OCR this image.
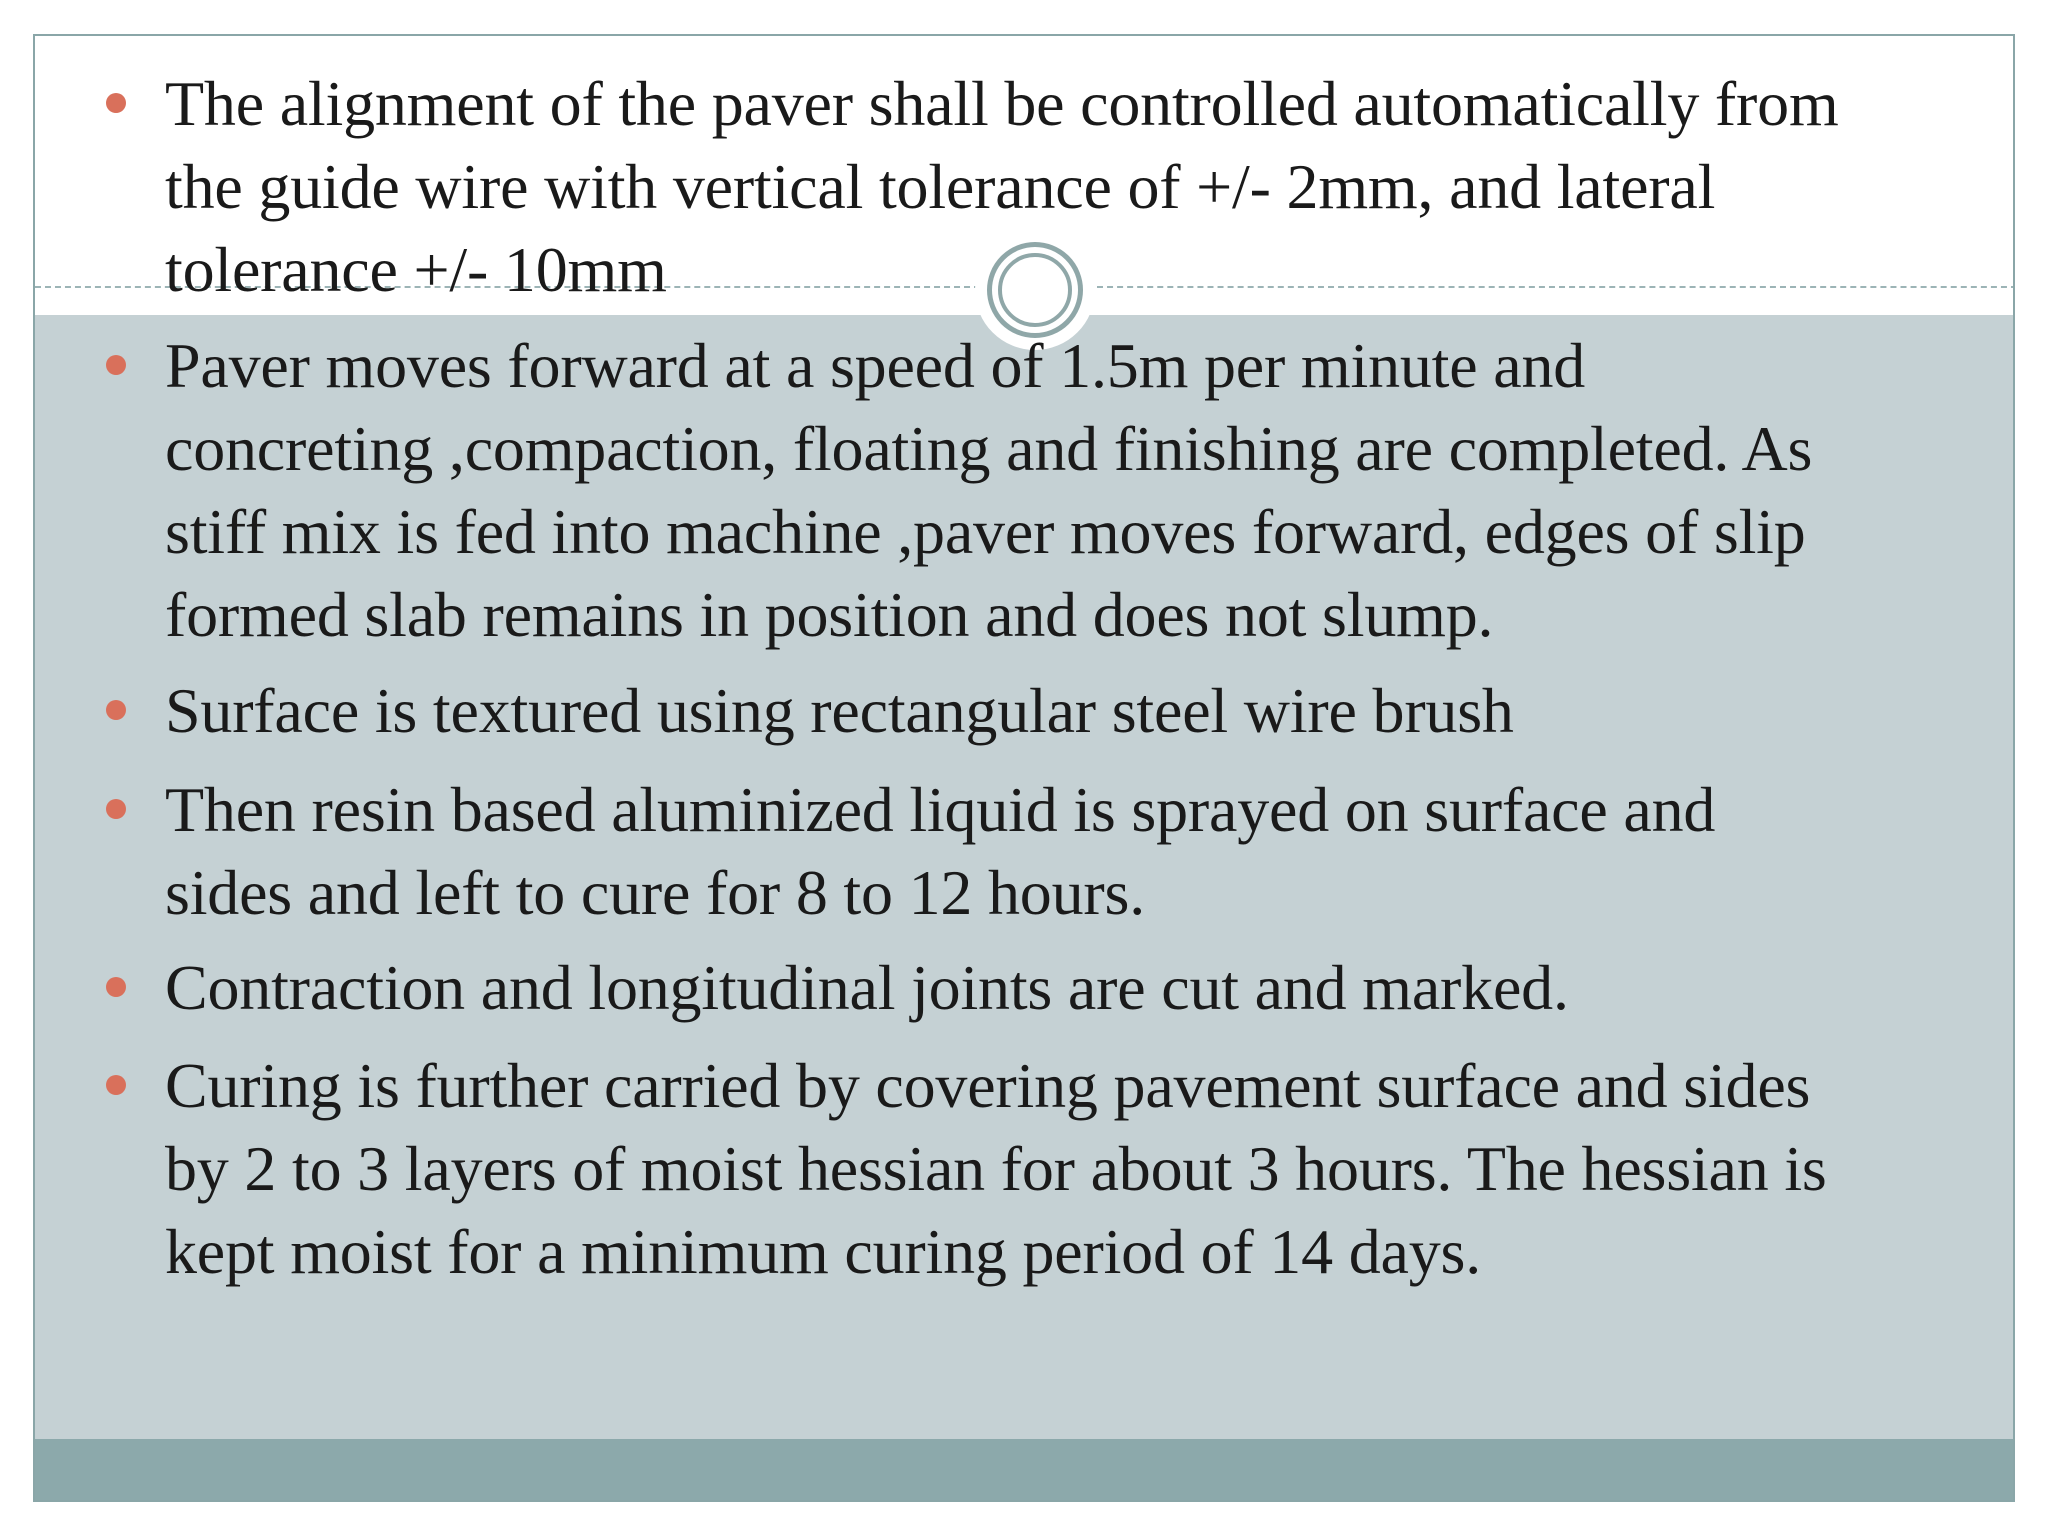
The alignment of the paver shall be controlled automatically from
the guide wire with vertical tolerance of +/- 2mm, and lateral
tolerance +/- 10mm
Paver moves forward at a speed of 1.5m per minute and
concreting ,compaction, floating and finishing are completed. As
stiff mix is fed into machine ,paver moves forward, edges of slip
formed slab remains in position and does not slump.
Surface is textured using rectangular steel wire brush
Then resin based aluminized liquid is sprayed on surface and
sides and left to cure for 8 to 12 hours.
Contraction and longitudinal joints are cut and marked.
Curing is further carried by covering pavement surface and sides
by 2 to 3 layers of moist hessian for about 3 hours. The hessian is
kept moist for a minimum curing period of 14 days.
